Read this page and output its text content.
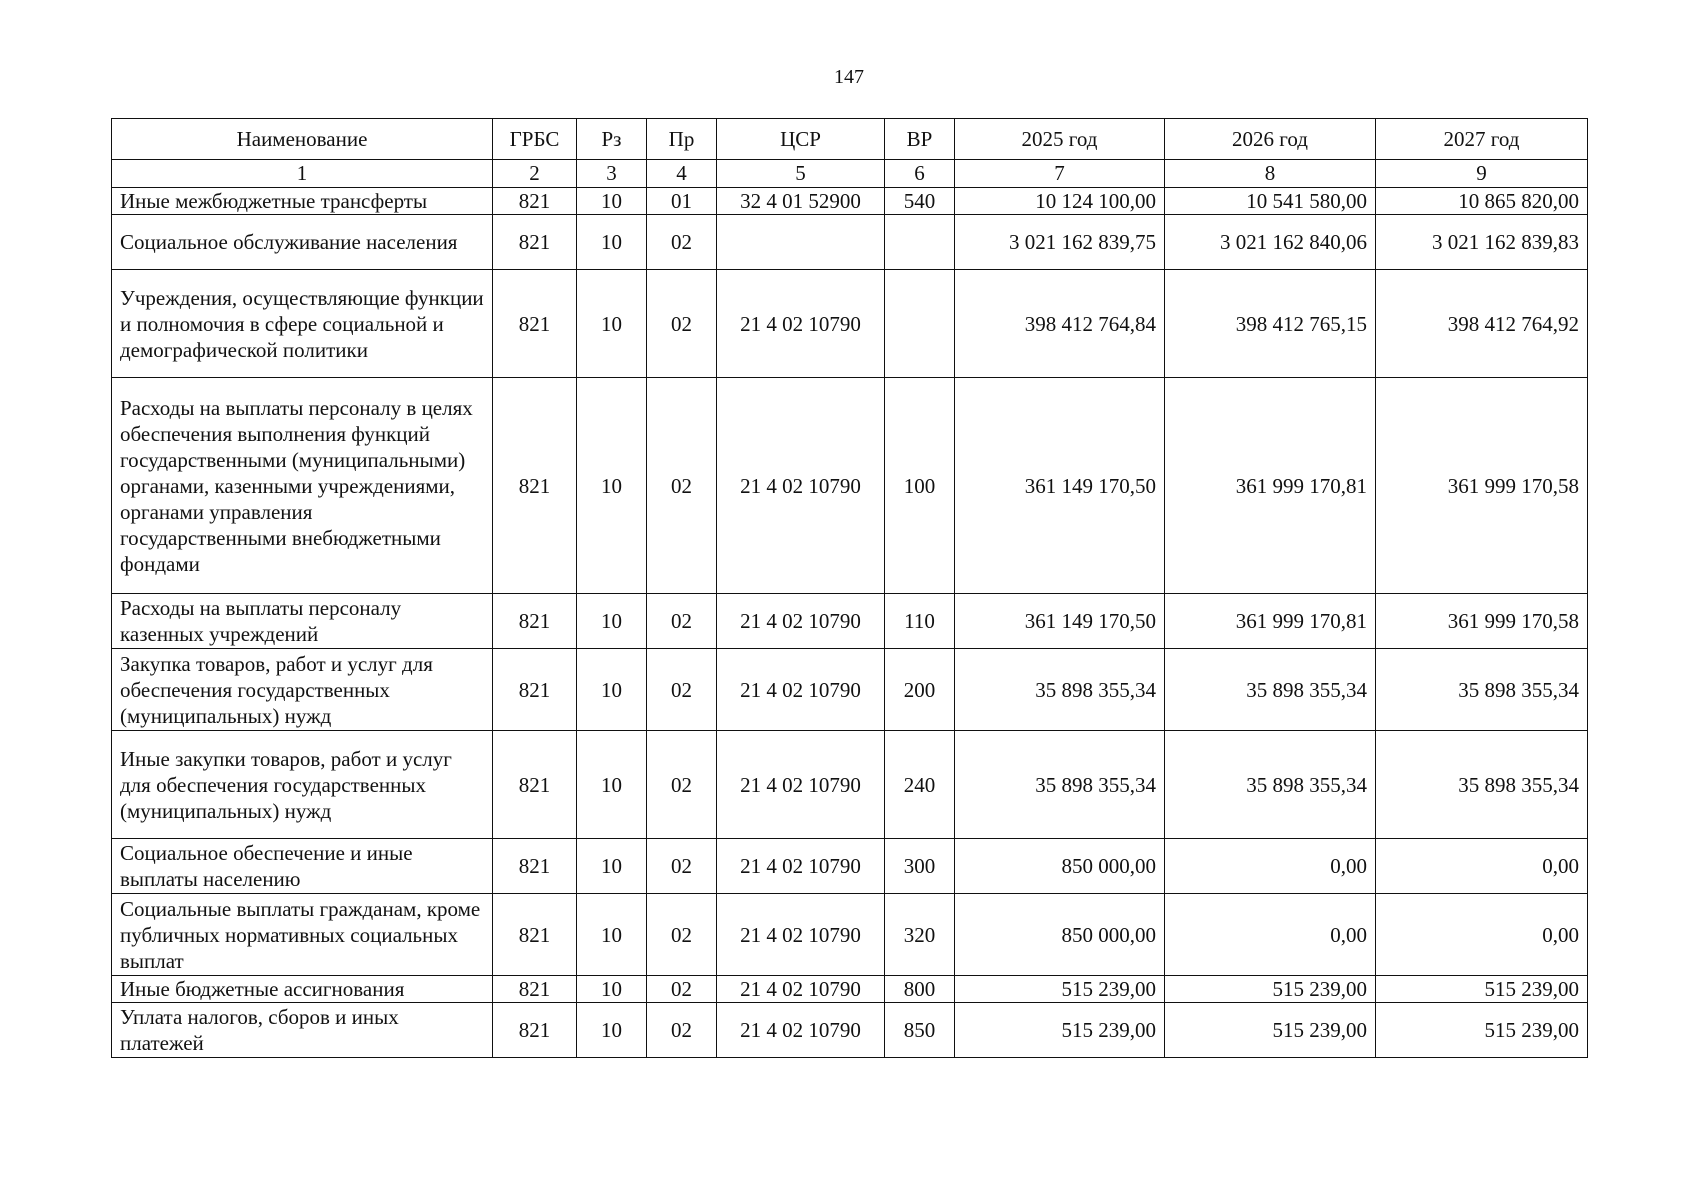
147
Наименование	ГРБС	Рз	Пр	ЦСР	ВР	2025 год	2026 год	2027 год
1	2	3	4	5	6	7	8	9
Иные межбюджетные трансферты	821	10	01	32 4 01 52900	540	10 124 100,00	10 541 580,00	10 865 820,00
Социальное обслуживание населения	821	10	02			3 021 162 839,75	3 021 162 840,06	3 021 162 839,83
Учреждения, осуществляющие функции и полномочия в сфере социальной и демографической политики	821	10	02	21 4 02 10790		398 412 764,84	398 412 765,15	398 412 764,92
Расходы на выплаты персоналу в целях обеспечения выполнения функций государственными (муниципальными) органами, казенными учреждениями, органами управления государственными внебюджетными фондами	821	10	02	21 4 02 10790	100	361 149 170,50	361 999 170,81	361 999 170,58
Расходы на выплаты персоналу казенных учреждений	821	10	02	21 4 02 10790	110	361 149 170,50	361 999 170,81	361 999 170,58
Закупка товаров, работ и услуг для обеспечения государственных (муниципальных) нужд	821	10	02	21 4 02 10790	200	35 898 355,34	35 898 355,34	35 898 355,34
Иные закупки товаров, работ и услуг для обеспечения государственных (муниципальных) нужд	821	10	02	21 4 02 10790	240	35 898 355,34	35 898 355,34	35 898 355,34
Социальное обеспечение и иные выплаты населению	821	10	02	21 4 02 10790	300	850 000,00	0,00	0,00
Социальные выплаты гражданам, кроме публичных нормативных социальных выплат	821	10	02	21 4 02 10790	320	850 000,00	0,00	0,00
Иные бюджетные ассигнования	821	10	02	21 4 02 10790	800	515 239,00	515 239,00	515 239,00
Уплата налогов, сборов и иных платежей	821	10	02	21 4 02 10790	850	515 239,00	515 239,00	515 239,00
